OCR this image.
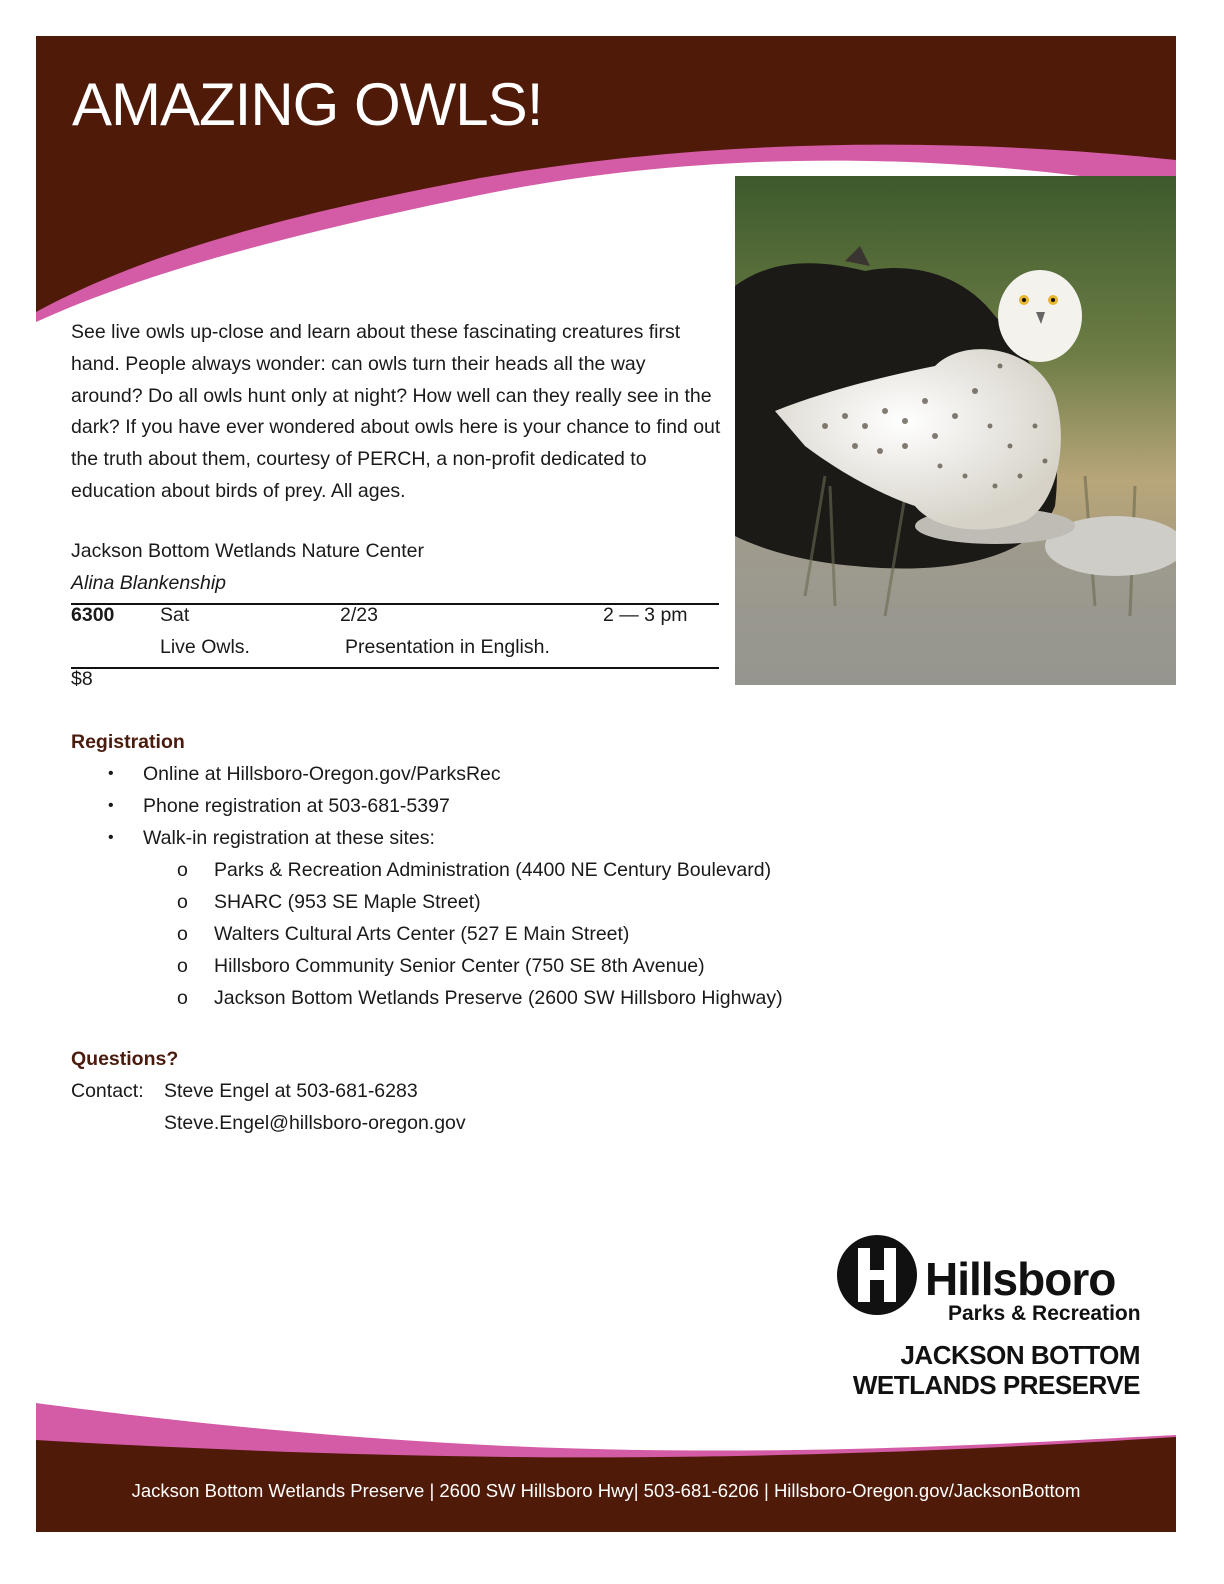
AMAZING OWLS!

See live owls up-close and learn about these fascinating creatures first hand. People always wonder: can owls turn their heads all the way around? Do all owls hunt only at night? How well can they really see in the dark? If you have ever wondered about owls here is your chance to find out the truth about them, courtesy of PERCH, a non-profit dedicated to education about birds of prey. All ages.

Jackson Bottom Wetlands Nature Center
Alina Blankenship
6300 Sat	2/23	2 — 3 pm
Live Owls.	Presentation in English.
$8
Registration
• Online at Hillsboro-Oregon.gov/ParksRec
• Phone registration at 503-681-5397
• Walk-in registration at these sites:
o Parks & Recreation Administration (4400 NE Century Boulevard)
o SHARC (953 SE Maple Street)
o Walters Cultural Arts Center (527 E Main Street)
o Hillsboro Community Senior Center (750 SE 8th Avenue)
o Jackson Bottom Wetlands Preserve (2600 SW Hillsboro Highway)
Questions?
Contact: Steve Engel at 503-681-6283
Steve.Engel@hillsboro-oregon.gov
Hillsboro
Parks & Recreation
JACKSON BOTTOM
WETLANDS PRESERVE
Jackson Bottom Wetlands Preserve | 2600 SW Hillsboro Hwy| 503-681-6206 | Hillsboro-Oregon.gov/JacksonBottom
